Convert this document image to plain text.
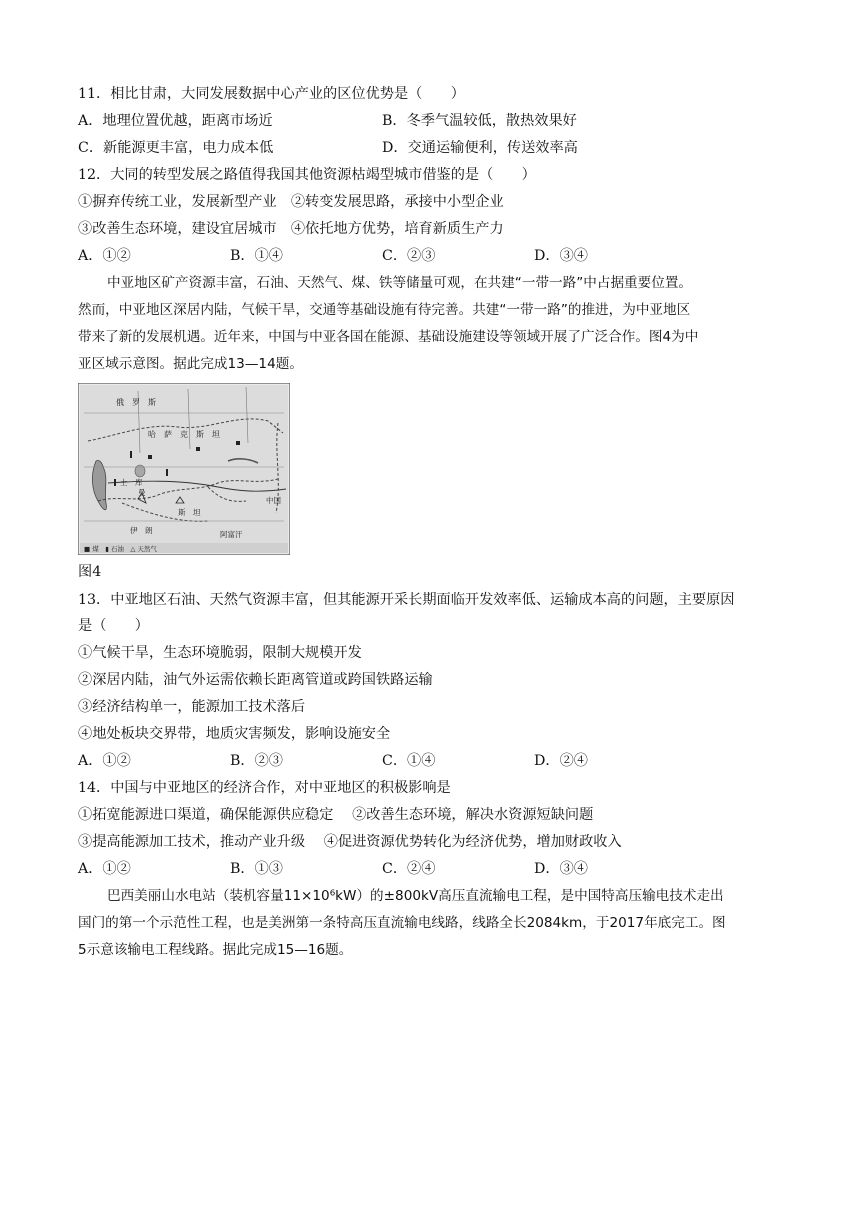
11．相比甘肃，大同发展数据中心产业的区位优势是（　　）
A．地理位置优越，距离市场近	B．冬季气温较低，散热效果好
C．新能源更丰富，电力成本低	D．交通运输便利，传送效率高
12．大同的转型发展之路值得我国其他资源枯竭型城市借鉴的是（　　）
①摒弃传统工业，发展新型产业　②转变发展思路，承接中小型企业
③改善生态环境，建设宜居城市　④依托地方优势，培育新质生产力
A．①②	B．①④	C．②③	D．③④
中亚地区矿产资源丰富，石油、天然气、煤、铁等储量可观，在共建“一带一路”中占据重要位置。
然而，中亚地区深居内陆，气候干旱，交通等基础设施有待完善。共建“一带一路”的推进，为中亚地区
带来了新的发展机遇。近年来，中国与中亚各国在能源、基础设施建设等领域开展了广泛合作。图4为中
亚区域示意图。据此完成13—14题。
俄　罗　斯
哈　萨　克　斯　坦
土　库
曼
斯　坦
阿富汗
中国
伊　朗
■ 煤　▮ 石油　△ 天然气
图4
13．中亚地区石油、天然气资源丰富，但其能源开采长期面临开发效率低、运输成本高的问题，主要原因
是（　　）
①气候干旱，生态环境脆弱，限制大规模开发
②深居内陆，油气外运需依赖长距离管道或跨国铁路运输
③经济结构单一，能源加工技术落后
④地处板块交界带，地质灾害频发，影响设施安全
A．①②	B．②③	C．①④	D．②④
14．中国与中亚地区的经济合作，对中亚地区的积极影响是
①拓宽能源进口渠道，确保能源供应稳定　 ②改善生态环境，解决水资源短缺问题
③提高能源加工技术，推动产业升级　 ④促进资源优势转化为经济优势，增加财政收入
A．①②	B．①③	C．②④	D．③④
巴西美丽山水电站（装机容量11×10⁶kW）的±800kV高压直流输电工程，是中国特高压输电技术走出
国门的第一个示范性工程，也是美洲第一条特高压直流输电线路，线路全长2084km，于2017年底完工。图
5示意该输电工程线路。据此完成15—16题。
